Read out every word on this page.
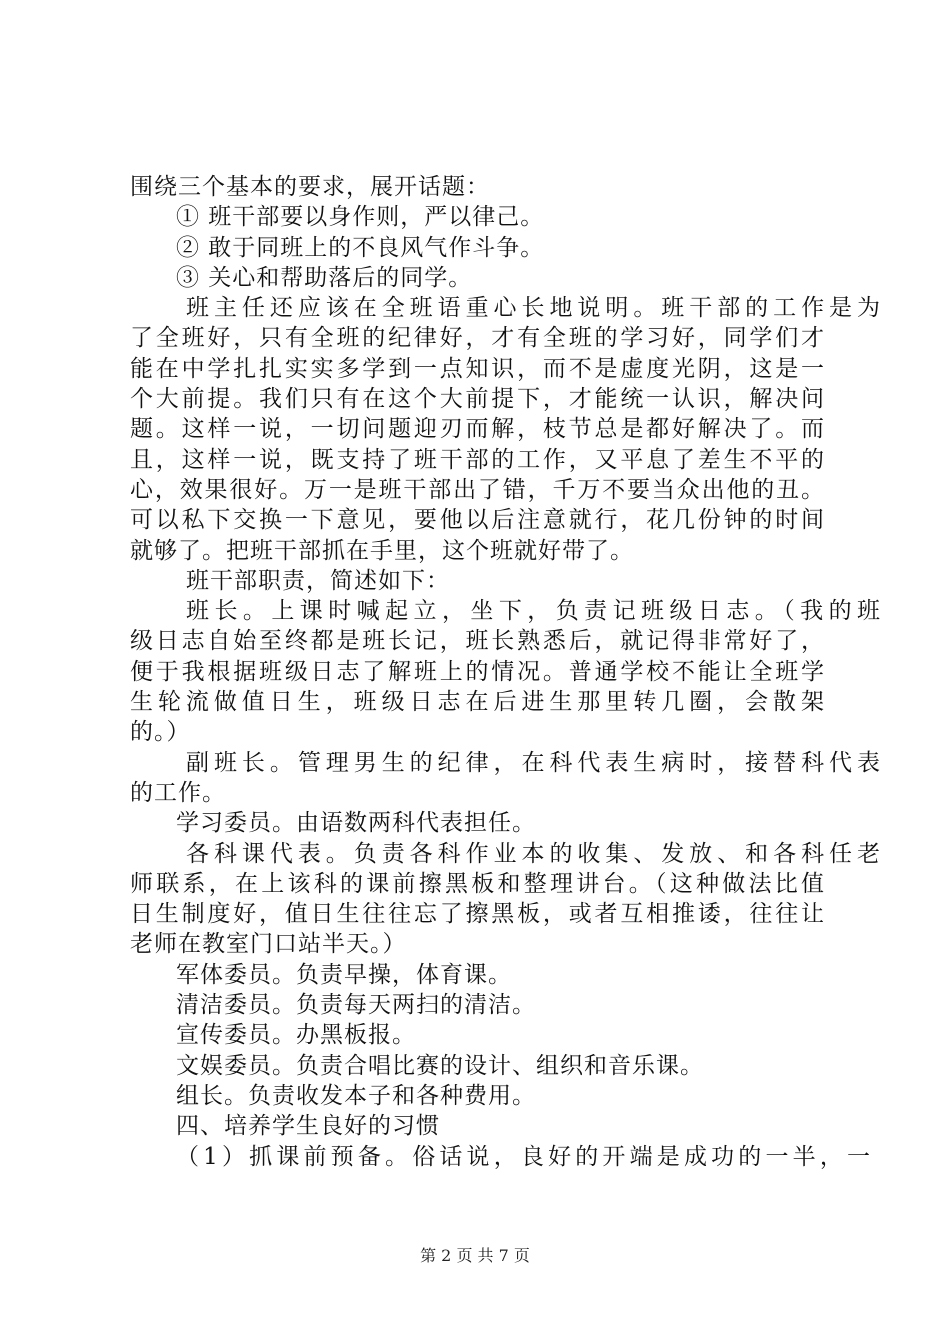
围绕三个基本的要求，展开话题：
① 班干部要以身作则，严以律己。
② 敢于同班上的不良风气作斗争。
③ 关心和帮助落后的同学。
班主任还应该在全班语重心长地说明。班干部的工作是为
了全班好，只有全班的纪律好，才有全班的学习好，同学们才
能在中学扎扎实实多学到一点知识，而不是虚度光阴，这是一
个大前提。我们只有在这个大前提下，才能统一认识，解决问
题。这样一说，一切问题迎刃而解，枝节总是都好解决了。而
且，这样一说，既支持了班干部的工作，又平息了差生不平的
心，效果很好。万一是班干部出了错，千万不要当众出他的丑。
可以私下交换一下意见，要他以后注意就行，花几份钟的时间
就够了。把班干部抓在手里，这个班就好带了。
班干部职责，简述如下：
班长。上课时喊起立，坐下，负责记班级日志。（我的班
级日志自始至终都是班长记，班长熟悉后，就记得非常好了，
便于我根据班级日志了解班上的情况。普通学校不能让全班学
生轮流做值日生，班级日志在后进生那里转几圈，会散架
的。）
副班长。管理男生的纪律，在科代表生病时，接替科代表
的工作。
学习委员。由语数两科代表担任。
各科课代表。负责各科作业本的收集、发放、和各科任老
师联系，在上该科的课前擦黑板和整理讲台。（这种做法比值
日生制度好，值日生往往忘了擦黑板，或者互相推诿，往往让
老师在教室门口站半天。）
军体委员。负责早操，体育课。
清洁委员。负责每天两扫的清洁。
宣传委员。办黑板报。
文娱委员。负责合唱比赛的设计、组织和音乐课。
组长。负责收发本子和各种费用。
四、培养学生良好的习惯
（1）抓课前预备。俗话说，良好的开端是成功的一半，一
第 2 页 共 7 页
